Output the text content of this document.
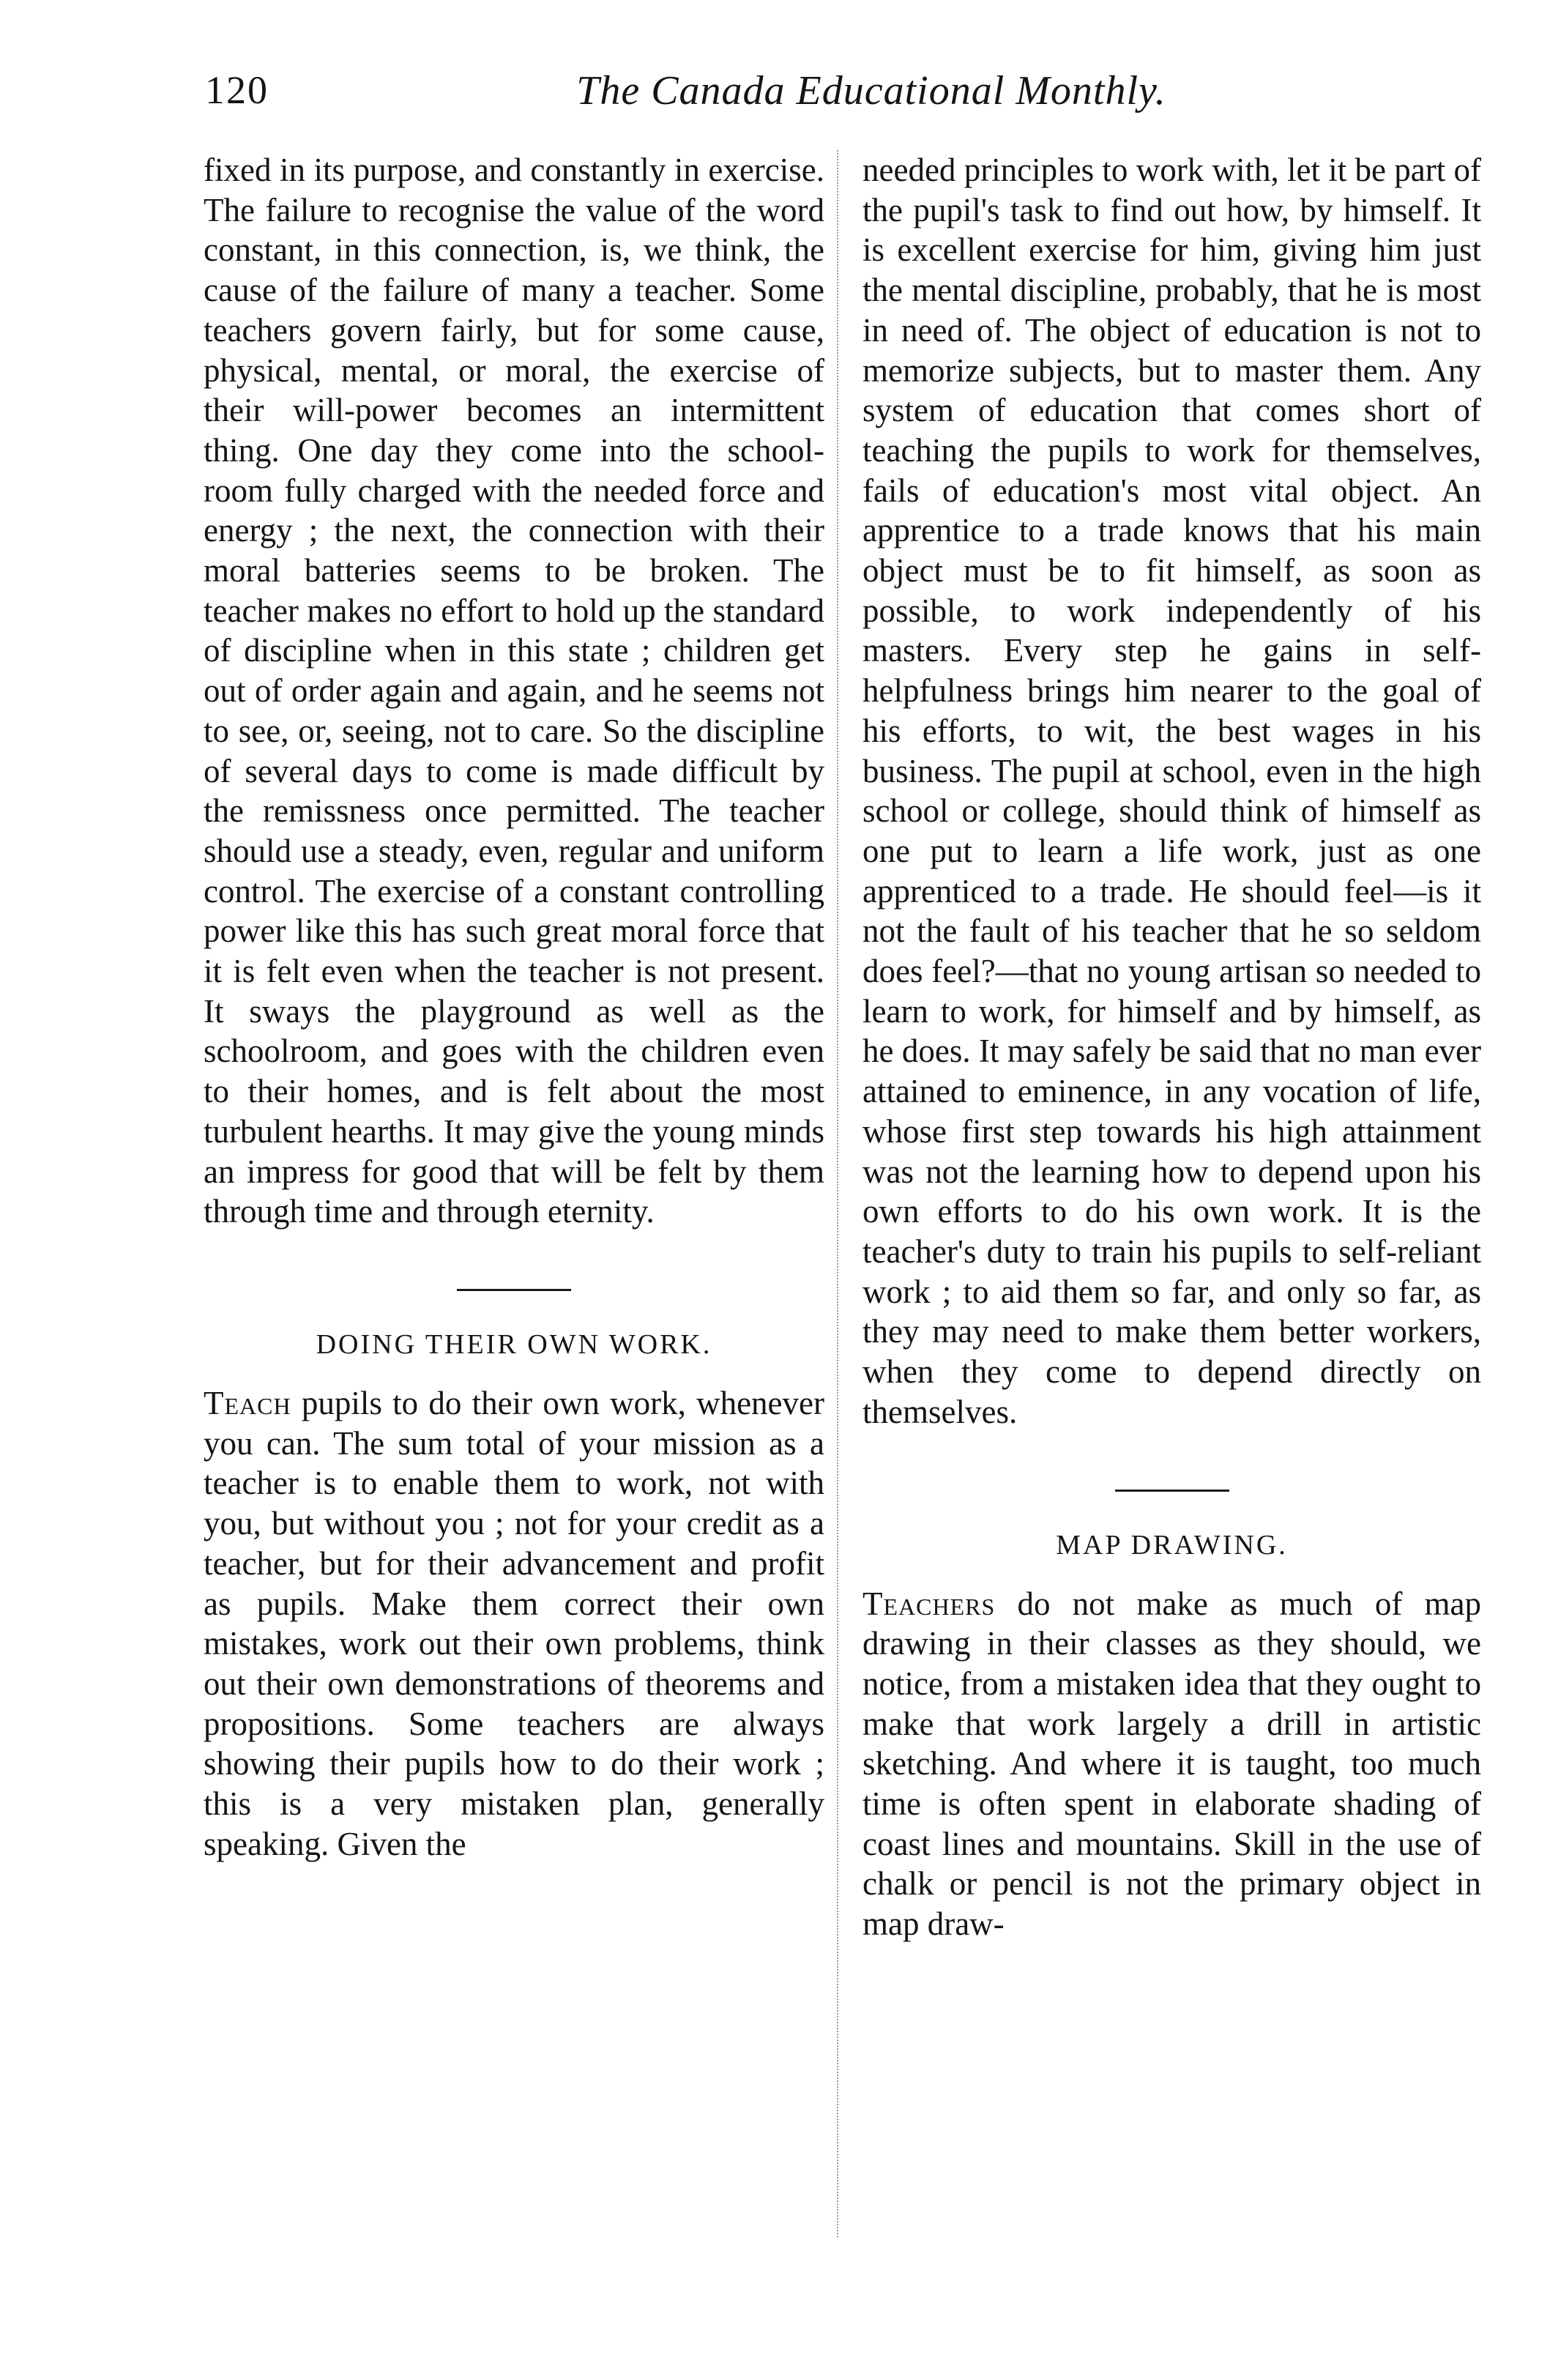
120	The Canada Educational Monthly.

fixed in its purpose, and constantly in exercise. The failure to recognise the value of the word constant, in this connection, is, we think, the cause of the failure of many a teacher. Some teachers govern fairly, but for some cause, physical, mental, or moral, the exercise of their will-power becomes an intermittent thing. One day they come into the school-room fully charged with the needed force and energy ; the next, the connection with their moral batteries seems to be broken. The teacher makes no effort to hold up the standard of discipline when in this state ; children get out of order again and again, and he seems not to see, or, seeing, not to care. So the discipline of several days to come is made difficult by the remissness once permitted. The teacher should use a steady, even, regular and uniform control. The exercise of a constant controlling power like this has such great moral force that it is felt even when the teacher is not present. It sways the playground as well as the schoolroom, and goes with the children even to their homes, and is felt about the most turbulent hearths. It may give the young minds an impress for good that will be felt by them through time and through eternity.

DOING THEIR OWN WORK.

Teach pupils to do their own work, whenever you can. The sum total of your mission as a teacher is to enable them to work, not with you, but without you ; not for your credit as a teacher, but for their advancement and profit as pupils. Make them correct their own mistakes, work out their own problems, think out their own demonstrations of theorems and propositions. Some teachers are always showing their pupils how to do their work ; this is a very mistaken plan, generally speaking. Given the

needed principles to work with, let it be part of the pupil's task to find out how, by himself. It is excellent exercise for him, giving him just the mental discipline, probably, that he is most in need of. The object of education is not to memorize subjects, but to master them. Any system of education that comes short of teaching the pupils to work for themselves, fails of education's most vital object. An apprentice to a trade knows that his main object must be to fit himself, as soon as possible, to work independently of his masters. Every step he gains in self-helpfulness brings him nearer to the goal of his efforts, to wit, the best wages in his business. The pupil at school, even in the high school or college, should think of himself as one put to learn a life work, just as one apprenticed to a trade. He should feel—is it not the fault of his teacher that he so seldom does feel?—that no young artisan so needed to learn to work, for himself and by himself, as he does. It may safely be said that no man ever attained to eminence, in any vocation of life, whose first step towards his high attainment was not the learning how to depend upon his own efforts to do his own work. It is the teacher's duty to train his pupils to self-reliant work ; to aid them so far, and only so far, as they may need to make them better workers, when they come to depend directly on themselves.

MAP DRAWING.

Teachers do not make as much of map drawing in their classes as they should, we notice, from a mistaken idea that they ought to make that work largely a drill in artistic sketching. And where it is taught, too much time is often spent in elaborate shading of coast lines and mountains. Skill in the use of chalk or pencil is not the primary object in map draw-
